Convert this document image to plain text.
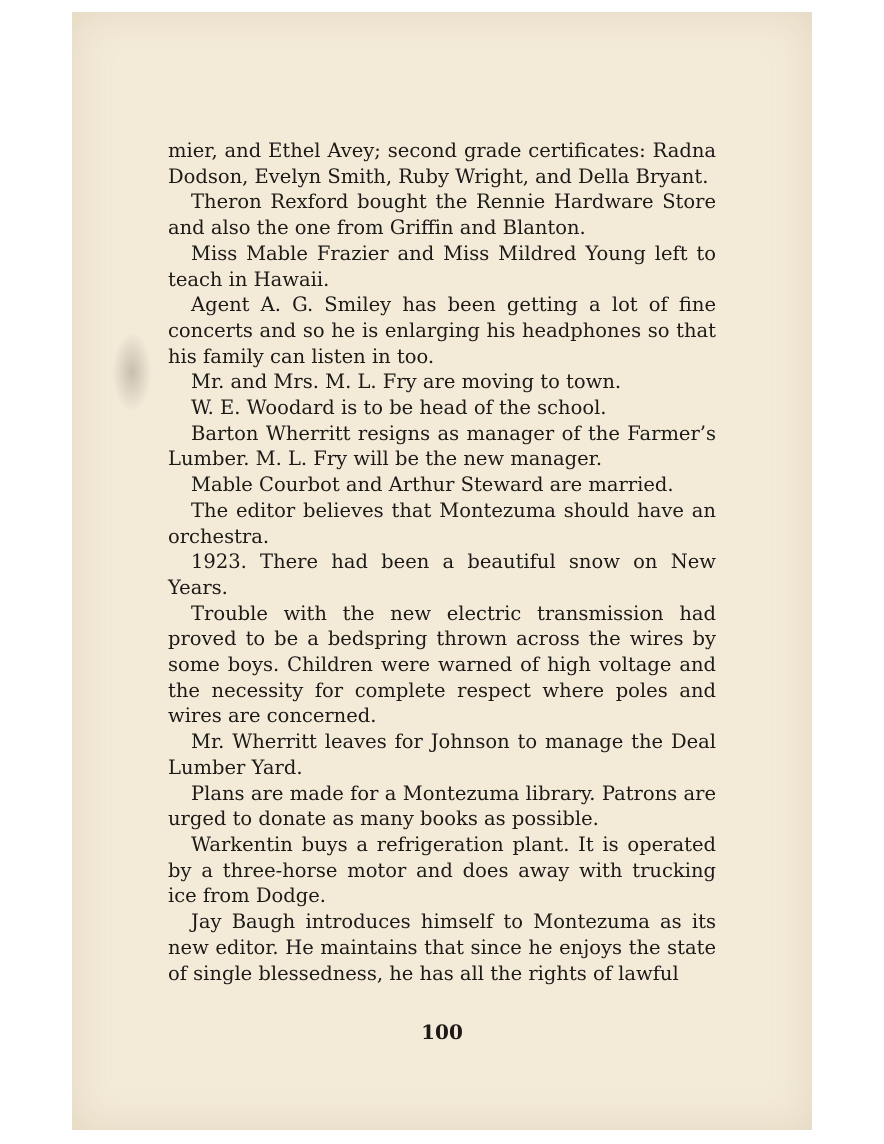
mier, and Ethel Avey; second grade certificates: Radna Dodson, Evelyn Smith, Ruby Wright, and Della Bryant.

Theron Rexford bought the Rennie Hardware Store and also the one from Griffin and Blanton.

Miss Mable Frazier and Miss Mildred Young left to teach in Hawaii.

Agent A. G. Smiley has been getting a lot of fine concerts and so he is enlarging his headphones so that his family can listen in too.

Mr. and Mrs. M. L. Fry are moving to town.

W. E. Woodard is to be head of the school.

Barton Wherritt resigns as manager of the Farmer’s Lumber. M. L. Fry will be the new manager.

Mable Courbot and Arthur Steward are married.

The editor believes that Montezuma should have an orchestra.

1923. There had been a beautiful snow on New Years.

Trouble with the new electric transmission had proved to be a bedspring thrown across the wires by some boys. Children were warned of high voltage and the necessity for complete respect where poles and wires are concerned.

Mr. Wherritt leaves for Johnson to manage the Deal Lumber Yard.

Plans are made for a Montezuma library. Patrons are urged to donate as many books as possible.

Warkentin buys a refrigeration plant. It is operated by a three-horse motor and does away with trucking ice from Dodge.

Jay Baugh introduces himself to Montezuma as its new editor. He maintains that since he enjoys the state of single blessedness, he has all the rights of lawful

100
